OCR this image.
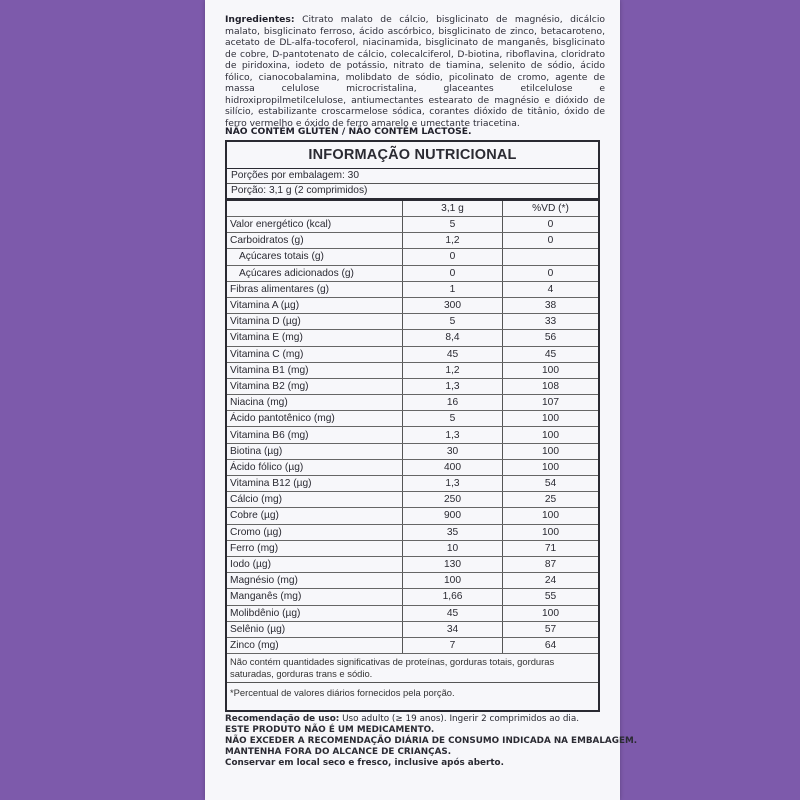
Ingredientes: Citrato malato de cálcio, bisglicinato de magnésio, dicálcio malato, bisglicinato ferroso, ácido ascórbico, bisglicinato de zinco, betacaroteno, acetato de DL-alfa-tocoferol, niacinamida, bisglicinato de manganês, bisglicinato de cobre, D-pantotenato de cálcio, colecalciferol, D-biotina, riboflavina, cloridrato de piridoxina, iodeto de potássio, nitrato de tiamina, selenito de sódio, ácido fólico, cianocobalamina, molibdato de sódio, picolinato de cromo, agente de massa celulose microcristalina, glaceantes etilcelulose e hidroxipropilmetilcelulose, antiumectantes estearato de magnésio e dióxido de silício, estabilizante croscarmelose sódica, corantes dióxido de titânio, óxido de ferro vermelho e óxido de ferro amarelo e umectante triacetina.
NÃO CONTÉM GLÚTEN / NÃO CONTÉM LACTOSE.
INFORMAÇÃO NUTRICIONAL
Porções por embalagem: 30
Porção: 3,1 g (2 comprimidos)
	3,1 g	%VD (*)
Valor energético (kcal)	5	0
Carboidratos (g)	1,2	0
Açúcares totais (g)	0	
Açúcares adicionados (g)	0	0
Fibras alimentares (g)	1	4
Vitamina A (µg)	300	38
Vitamina D (µg)	5	33
Vitamina E (mg)	8,4	56
Vitamina C (mg)	45	45
Vitamina B1 (mg)	1,2	100
Vitamina B2 (mg)	1,3	108
Niacina (mg)	16	107
Ácido pantotênico (mg)	5	100
Vitamina B6 (mg)	1,3	100
Biotina (µg)	30	100
Ácido fólico (µg)	400	100
Vitamina B12 (µg)	1,3	54
Cálcio (mg)	250	25
Cobre (µg)	900	100
Cromo (µg)	35	100
Ferro (mg)	10	71
Iodo (µg)	130	87
Magnésio (mg)	100	24
Manganês (mg)	1,66	55
Molibdênio (µg)	45	100
Selênio (µg)	34	57
Zinco (mg)	7	64
Não contém quantidades significativas de proteínas, gorduras totais, gorduras saturadas, gorduras trans e sódio.
*Percentual de valores diários fornecidos pela porção.
Recomendação de uso: Uso adulto (≥ 19 anos). Ingerir 2 comprimidos ao dia.
ESTE PRODUTO NÃO É UM MEDICAMENTO.
NÃO EXCEDER A RECOMENDAÇÃO DIÁRIA DE CONSUMO INDICADA NA EMBALAGEM.
MANTENHA FORA DO ALCANCE DE CRIANÇAS.
Conservar em local seco e fresco, inclusive após aberto.
